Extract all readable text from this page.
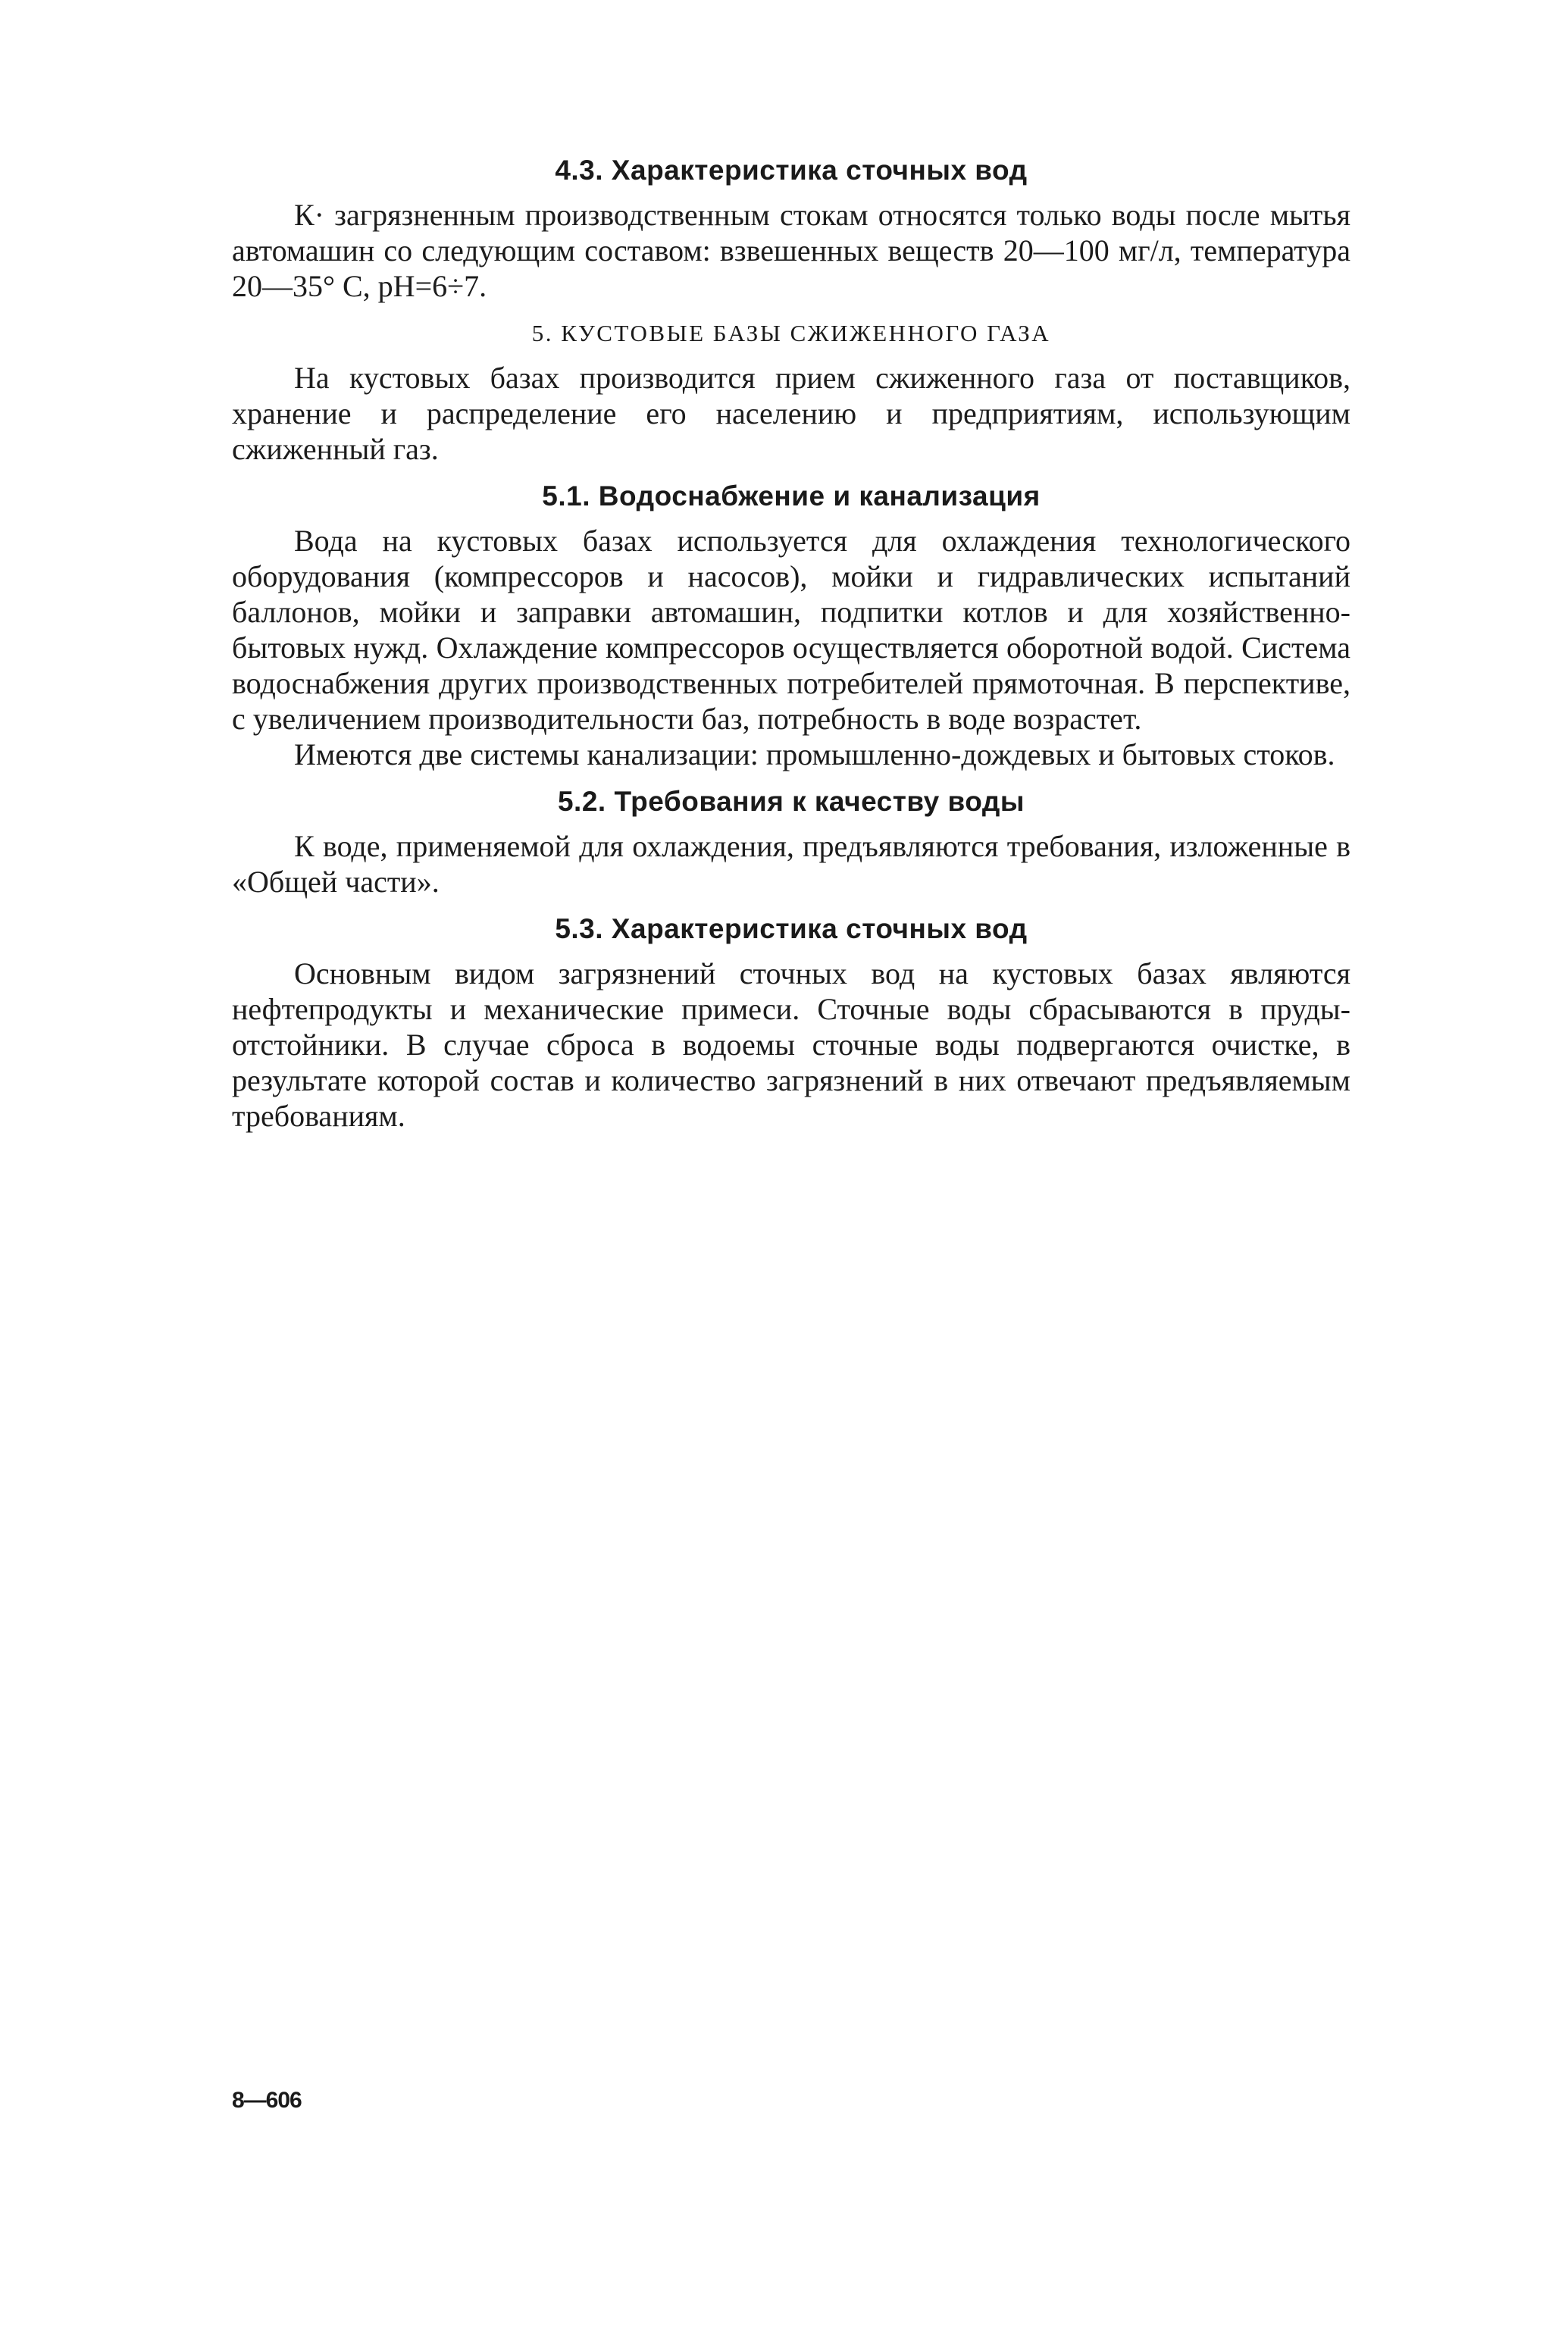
4.3. Характеристика сточных вод

К· загрязненным производственным стокам относятся только воды после мытья автомашин со следующим составом: взвешенных веществ 20—100 мг/л, температура 20—35° С, pH=6÷7.

5. КУСТОВЫЕ БАЗЫ СЖИЖЕННОГО ГАЗА

На кустовых базах производится прием сжиженного газа от поставщиков, хранение и распределение его населению и предприятиям, использующим сжиженный газ.

5.1. Водоснабжение и канализация

Вода на кустовых базах используется для охлаждения технологического оборудования (компрессоров и насосов), мойки и гидравлических испытаний баллонов, мойки и заправки автомашин, подпитки котлов и для хозяйственно-бытовых нужд. Охлаждение компрессоров осуществляется оборотной водой. Система водоснабжения других производственных потребителей прямоточная. В перспективе, с увеличением производительности баз, потребность в воде возрастет.

Имеются две системы канализации: промышленно-дождевых и бытовых стоков.

5.2. Требования к качеству воды

К воде, применяемой для охлаждения, предъявляются требования, изложенные в «Общей части».

5.3. Характеристика сточных вод

Основным видом загрязнений сточных вод на кустовых базах являются нефтепродукты и механические примеси. Сточные воды сбрасываются в пруды-отстойники. В случае сброса в водоемы сточные воды подвергаются очистке, в результате которой состав и количество загрязнений в них отвечают предъявляемым требованиям.

8—606
